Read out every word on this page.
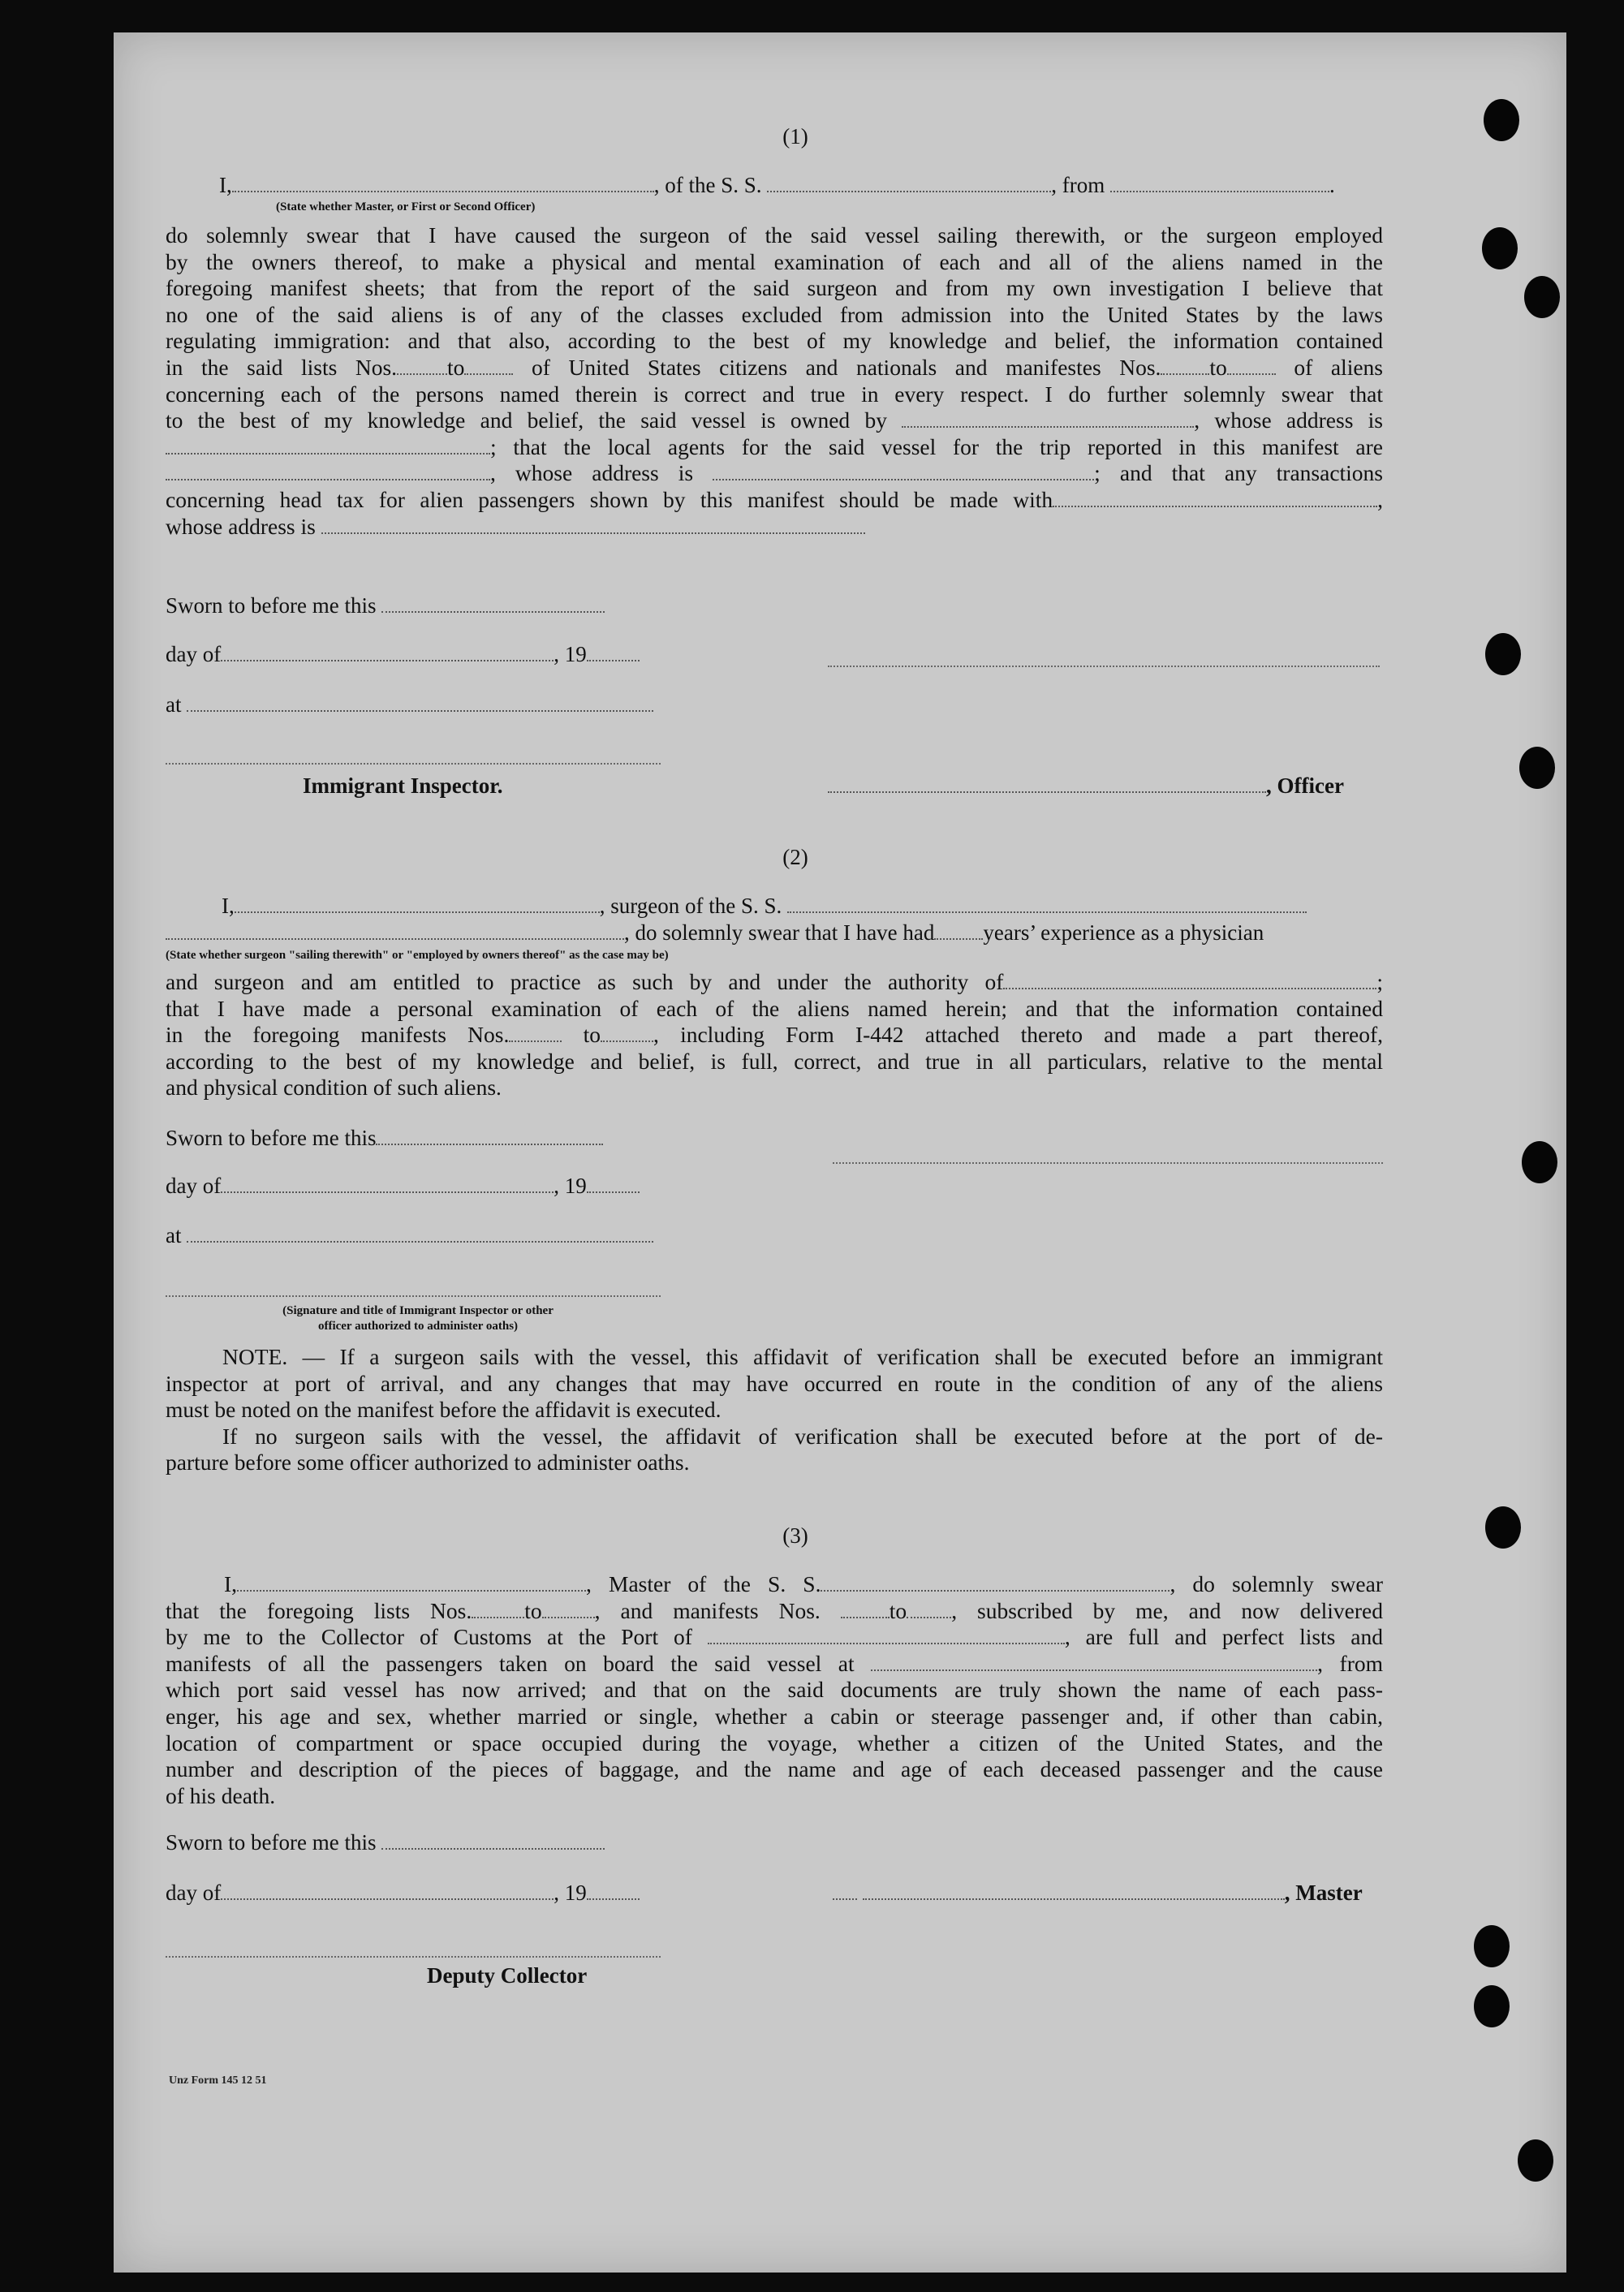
(1)
I,	, of the S. S.	, from	.
(State whether Master, or First or Second Officer)
do solemnly swear that I have caused the surgeon of the said vessel sailing therewith, or the surgeon employed
by the owners thereof, to make a physical and mental examination of each and all of the aliens named in the
foregoing manifest sheets; that from the report of the said surgeon and from my own investigation I believe that
no one of the said aliens is of any of the classes excluded from admission into the United States by the laws
regulating immigration: and that also, according to the best of my knowledge and belief, the information contained
in the said lists Nos. to	of United States citizens and nationals and manifestes Nos. to	of aliens
concerning each of the persons named therein is correct and true in every respect. I do further solemnly swear that
to the best of my knowledge and belief, the said vessel is owned by	, whose address is
; that the local agents for the said vessel for the trip reported in this manifest are
, whose address is	; and that any transactions
concerning head tax for alien passengers shown by this manifest should be made with	,
whose address is
Sworn to before me this
day of	, 19
at
Immigrant Inspector.	, Officer
(2)
I,	, surgeon of the S. S.
, do solemnly swear that I have had years’ experience as a physician
(State whether surgeon "sailing therewith" or "employed by owners thereof" as the case may be)
and surgeon and am entitled to practice as such by and under the authority of	;
that I have made a personal examination of each of the aliens named herein; and that the information contained
in the foregoing manifests Nos.	to , including Form I-442 attached thereto and made a part thereof,
according to the best of my knowledge and belief, is full, correct, and true in all particulars, relative to the mental
and physical condition of such aliens.
Sworn to before me this
day of	, 19
at
(Signature and title of Immigrant Inspector or other
officer authorized to administer oaths)
NOTE. — If a surgeon sails with the vessel, this affidavit of verification shall be executed before an immigrant
inspector at port of arrival, and any changes that may have occurred en route in the condition of any of the aliens
must be noted on the manifest before the affidavit is executed.
If no surgeon sails with the vessel, the affidavit of verification shall be executed before at the port of de-
parture before some officer authorized to administer oaths.
(3)
I,	, Master of the S. S.	, do solemnly swear
that the foregoing lists Nos. to , and manifests Nos.	to , subscribed by me, and now delivered
by me to the Collector of Customs at the Port of	, are full and perfect lists and
manifests of all the passengers taken on board the said vessel at	, from
which port said vessel has now arrived; and that on the said documents are truly shown the name of each pass-
enger, his age and sex, whether married or single, whether a cabin or steerage passenger and, if other than cabin,
location of compartment or space occupied during the voyage, whether a citizen of the United States, and the
number and description of the pieces of baggage, and the name and age of each deceased passenger and the cause
of his death.
Sworn to before me this
day of	, 19	, Master
Deputy Collector
Unz Form 145 12 51
